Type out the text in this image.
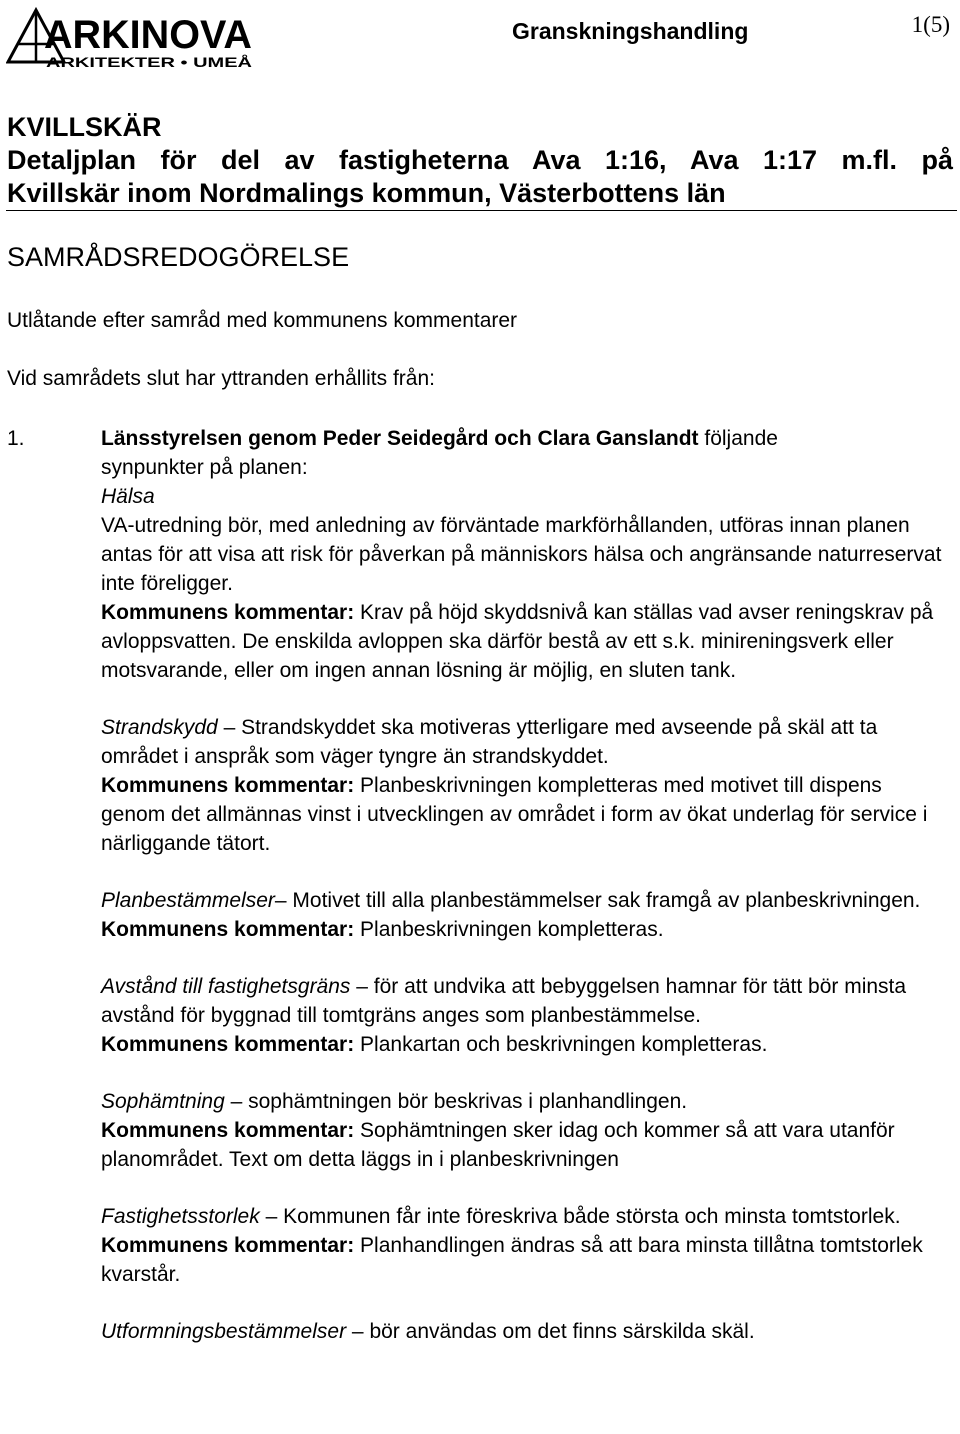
ARKINOVA
ARKITEKTER • UMEÅ
Granskningshandling	1(5)
KVILLSKÄR
Detaljplan för del av fastigheterna Ava 1:16, Ava 1:17 m.fl. på
Kvillskär inom Nordmalings kommun, Västerbottens län
SAMRÅDSREDOGÖRELSE
Utlåtande efter samråd med kommunens kommentarer
Vid samrådets slut har yttranden erhållits från:
1.	Länsstyrelsen genom Peder Seidegård och Clara Ganslandt följande
synpunkter på planen:
Hälsa
VA-utredning bör, med anledning av förväntade markförhållanden, utföras innan planen antas för att visa att risk för påverkan på människors hälsa och angränsande naturreservat inte föreligger.
Kommunens kommentar: Krav på höjd skyddsnivå kan ställas vad avser reningskrav på avloppsvatten. De enskilda avloppen ska därför bestå av ett s.k. minireningsverk eller motsvarande, eller om ingen annan lösning är möjlig, en sluten tank.

Strandskydd – Strandskyddet ska motiveras ytterligare med avseende på skäl att ta området i anspråk som väger tyngre än strandskyddet.
Kommunens kommentar: Planbeskrivningen kompletteras med motivet till dispens genom det allmännas vinst i utvecklingen av området i form av ökat underlag för service i närliggande tätort.

Planbestämmelser– Motivet till alla planbestämmelser sak framgå av planbeskrivningen.
Kommunens kommentar: Planbeskrivningen kompletteras.

Avstånd till fastighetsgräns – för att undvika att bebyggelsen hamnar för tätt bör minsta avstånd för byggnad till tomtgräns anges som planbestämmelse.
Kommunens kommentar: Plankartan och beskrivningen kompletteras.

Sophämtning – sophämtningen bör beskrivas i planhandlingen.
Kommunens kommentar: Sophämtningen sker idag och kommer så att vara utanför planområdet. Text om detta läggs in i planbeskrivningen

Fastighetsstorlek – Kommunen får inte föreskriva både största och minsta tomtstorlek.
Kommunens kommentar: Planhandlingen ändras så att bara minsta tillåtna tomtstorlek kvarstår.

Utformningsbestämmelser – bör användas om det finns särskilda skäl.
